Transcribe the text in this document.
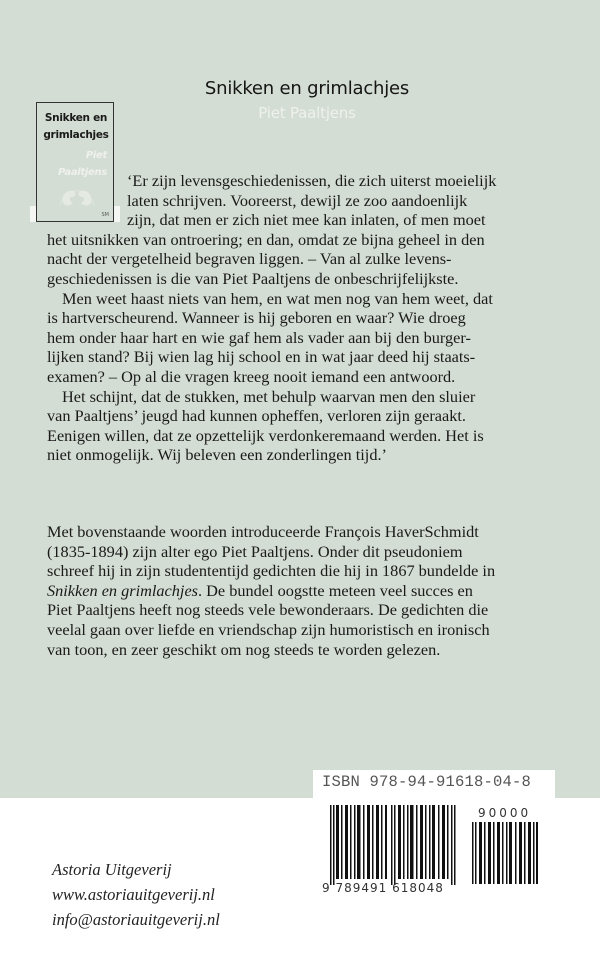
Snikken en grimlachjes
Piet Paaltjens
Snikken en
grimlachjes
Piet
Paaltjens
SM
‘Er zijn levensgeschiedenissen, die zich uiterst moeielijk
laten schrijven. Vooreerst, dewijl ze zoo aandoenlijk
zijn, dat men er zich niet mee kan inlaten, of men moet
het uitsnikken van ontroering; en dan, omdat ze bijna geheel in den
nacht der vergetelheid begraven liggen. – Van al zulke levens-
geschiedenissen is die van Piet Paaltjens de onbeschrijfelijkste.
Men weet haast niets van hem, en wat men nog van hem weet, dat
is hartverscheurend. Wanneer is hij geboren en waar? Wie droeg
hem onder haar hart en wie gaf hem als vader aan bij den burger-
lijken stand? Bij wien lag hij school en in wat jaar deed hij staats-
examen? – Op al die vragen kreeg nooit iemand een antwoord.
Het schijnt, dat de stukken, met behulp waarvan men den sluier
van Paaltjens’ jeugd had kunnen opheffen, verloren zijn geraakt.
Eenigen willen, dat ze opzettelijk verdonkeremaand werden. Het is
niet onmogelijk. Wij beleven een zonderlingen tijd.’
Met bovenstaande woorden introduceerde François HaverSchmidt
(1835-1894) zijn alter ego Piet Paaltjens. Onder dit pseudoniem
schreef hij in zijn studententijd gedichten die hij in 1867 bundelde in
Snikken en grimlachjes. De bundel oogstte meteen veel succes en
Piet Paaltjens heeft nog steeds vele bewonderaars. De gedichten die
veelal gaan over liefde en vriendschap zijn humoristisch en ironisch
van toon, en zeer geschikt om nog steeds te worden gelezen.
ISBN 978-94-91618-04-8
9 789491 618048
90000
Astoria Uitgeverij
www.astoriauitgeverij.nl
info@astoriauitgeverij.nl
